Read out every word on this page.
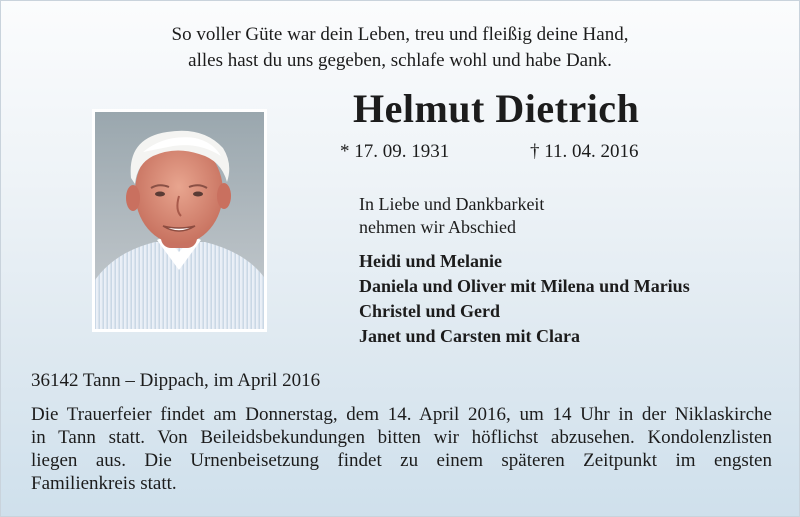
So voller Güte war dein Leben, treu und fleißig deine Hand,
alles hast du uns gegeben, schlafe wohl und habe Dank.
Helmut Dietrich
* 17. 09. 1931	† 11. 04. 2016
In Liebe und Dankbarkeit
nehmen wir Abschied
Heidi und Melanie
Daniela und Oliver mit Milena und Marius
Christel und Gerd
Janet und Carsten mit Clara
36142 Tann – Dippach, im April 2016
Die Trauerfeier findet am Donnerstag, dem 14. April 2016, um 14 Uhr in der Niklaskirche
in Tann statt. Von Beileidsbekundungen bitten wir höflichst abzusehen. Kondolenzlisten
liegen aus. Die Urnenbeisetzung findet zu einem späteren Zeitpunkt im engsten
Familienkreis statt.
